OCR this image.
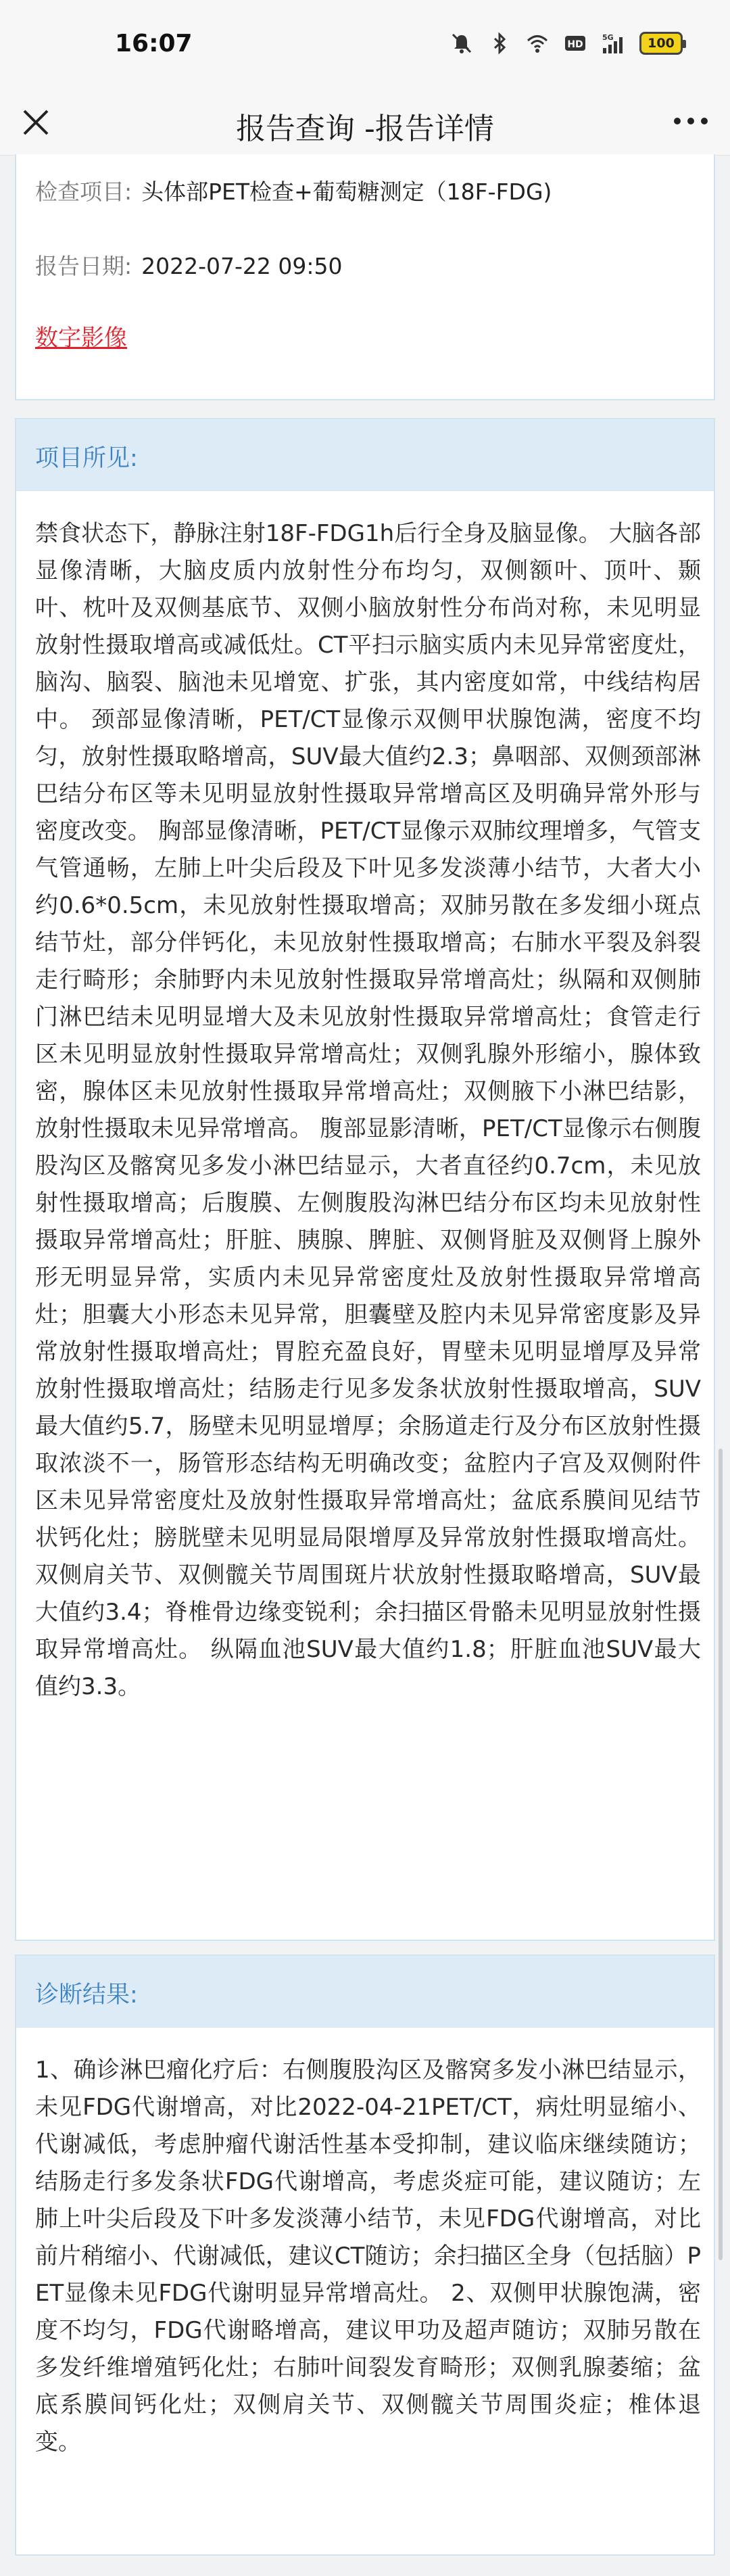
16:07	HD
5G	100
报告查询 -报告详情
检查项目: 头体部PET检查+葡萄糖测定（18F-FDG)
报告日期: 2022-07-22 09:50
数字影像
项目所见:
禁食状态下，静脉注射18F-FDG1h后行全身及脑显像。 大脑各部显像清晰，大脑皮质内放射性分布均匀，双侧额叶、顶叶、颞叶、枕叶及双侧基底节、双侧小脑放射性分布尚对称，未见明显放射性摄取增高或减低灶。CT平扫示脑实质内未见异常密度灶，脑沟、脑裂、脑池未见增宽、扩张，其内密度如常，中线结构居中。 颈部显像清晰，PET/CT显像示双侧甲状腺饱满，密度不均匀，放射性摄取略增高，SUV最大值约2.3；鼻咽部、双侧颈部淋巴结分布区等未见明显放射性摄取异常增高区及明确异常外形与密度改变。 胸部显像清晰，PET/CT显像示双肺纹理增多，气管支气管通畅，左肺上叶尖后段及下叶见多发淡薄小结节，大者大小约0.6*0.5cm，未见放射性摄取增高；双肺另散在多发细小斑点结节灶，部分伴钙化，未见放射性摄取增高；右肺水平裂及斜裂走行畸形；余肺野内未见放射性摄取异常增高灶；纵隔和双侧肺门淋巴结未见明显增大及未见放射性摄取异常增高灶；食管走行区未见明显放射性摄取异常增高灶；双侧乳腺外形缩小，腺体致密，腺体区未见放射性摄取异常增高灶；双侧腋下小淋巴结影，放射性摄取未见异常增高。 腹部显影清晰，PET/CT显像示右侧腹股沟区及髂窝见多发小淋巴结显示，大者直径约0.7cm，未见放射性摄取增高；后腹膜、左侧腹股沟淋巴结分布区均未见放射性摄取异常增高灶；肝脏、胰腺、脾脏、双侧肾脏及双侧肾上腺外形无明显异常，实质内未见异常密度灶及放射性摄取异常增高灶；胆囊大小形态未见异常，胆囊壁及腔内未见异常密度影及异常放射性摄取增高灶；胃腔充盈良好，胃壁未见明显增厚及异常放射性摄取增高灶；结肠走行见多发条状放射性摄取增高，SUV最大值约5.7，肠壁未见明显增厚；余肠道走行及分布区放射性摄取浓淡不一，肠管形态结构无明确改变；盆腔内子宫及双侧附件区未见异常密度灶及放射性摄取异常增高灶；盆底系膜间见结节状钙化灶；膀胱壁未见明显局限增厚及异常放射性摄取增高灶。 双侧肩关节、双侧髋关节周围斑片状放射性摄取略增高，SUV最大值约3.4；脊椎骨边缘变锐利；余扫描区骨骼未见明显放射性摄取异常增高灶。 纵隔血池SUV最大值约1.8；肝脏血池SUV最大值约3.3。
诊断结果:
1、确诊淋巴瘤化疗后：右侧腹股沟区及髂窝多发小淋巴结显示，未见FDG代谢增高，对比2022-04-21PET/CT，病灶明显缩小、代谢减低，考虑肿瘤代谢活性基本受抑制，建议临床继续随访；结肠走行多发条状FDG代谢增高，考虑炎症可能，建议随访；左肺上叶尖后段及下叶多发淡薄小结节，未见FDG代谢增高，对比前片稍缩小、代谢减低，建议CT随访；余扫描区全身（包括脑）PET显像未见FDG代谢明显异常增高灶。 2、双侧甲状腺饱满，密度不均匀，FDG代谢略增高，建议甲功及超声随访；双肺另散在多发纤维增殖钙化灶；右肺叶间裂发育畸形；双侧乳腺萎缩；盆底系膜间钙化灶；双侧肩关节、双侧髋关节周围炎症；椎体退变。
